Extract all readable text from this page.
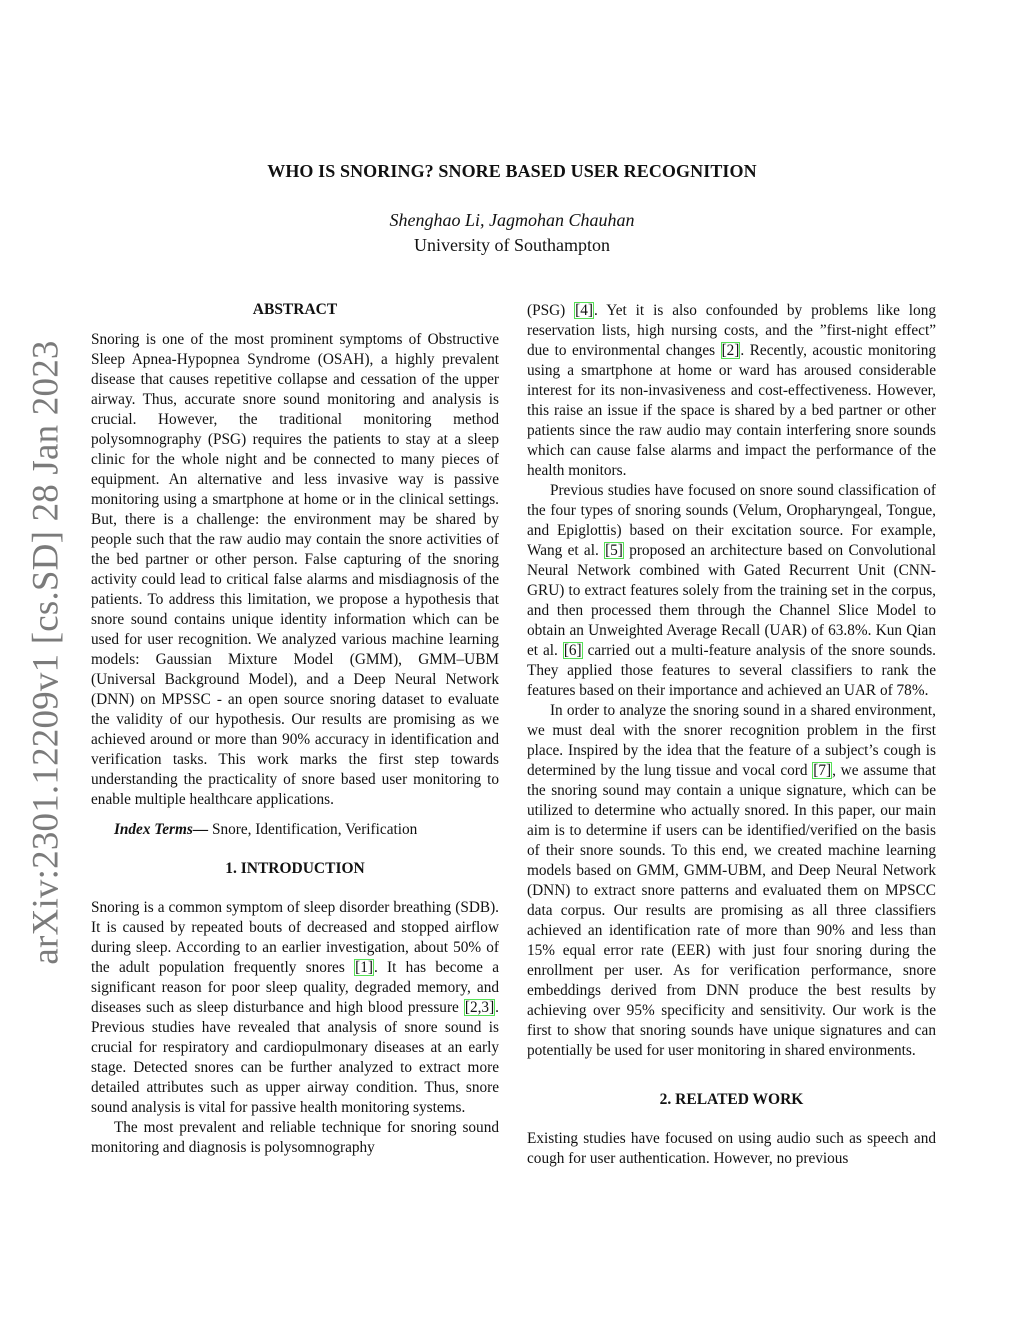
arXiv:2301.12209v1 [cs.SD] 28 Jan 2023
WHO IS SNORING? SNORE BASED USER RECOGNITION
Shenghao Li, Jagmohan Chauhan
University of Southampton
ABSTRACT

Snoring is one of the most prominent symptoms of Obstructive Sleep Apnea-Hypopnea Syndrome (OSAH), a highly prevalent disease that causes repetitive collapse and cessation of the upper airway. Thus, accurate snore sound monitoring and analysis is crucial. However, the traditional monitoring method polysomnography (PSG) requires the patients to stay at a sleep clinic for the whole night and be connected to many pieces of equipment. An alternative and less invasive way is passive monitoring using a smartphone at home or in the clinical settings. But, there is a challenge: the environment may be shared by people such that the raw audio may contain the snore activities of the bed partner or other person. False capturing of the snoring activity could lead to critical false alarms and misdiagnosis of the patients. To address this limitation, we propose a hypothesis that snore sound contains unique identity information which can be used for user recognition. We analyzed various machine learning models: Gaussian Mixture Model (GMM), GMM–UBM (Universal Background Model), and a Deep Neural Network (DNN) on MPSSC - an open source snoring dataset to evaluate the validity of our hypothesis. Our results are promising as we achieved around or more than 90% accuracy in identification and verification tasks. This work marks the first step towards understanding the practicality of snore based user monitoring to enable multiple healthcare applications.

Index Terms— Snore, Identification, Verification

1. INTRODUCTION

Snoring is a common symptom of sleep disorder breathing (SDB). It is caused by repeated bouts of decreased and stopped airflow during sleep. According to an earlier investigation, about 50% of the adult population frequently snores [1]. It has become a significant reason for poor sleep quality, degraded memory, and diseases such as sleep disturbance and high blood pressure [2,3]. Previous studies have revealed that analysis of snore sound is crucial for respiratory and cardiopulmonary diseases at an early stage. Detected snores can be further analyzed to extract more detailed attributes such as upper airway condition. Thus, snore sound analysis is vital for passive health monitoring systems.

The most prevalent and reliable technique for snoring sound monitoring and diagnosis is polysomnography

(PSG) [4]. Yet it is also confounded by problems like long reservation lists, high nursing costs, and the ”first-night effect” due to environmental changes [2]. Recently, acoustic monitoring using a smartphone at home or ward has aroused considerable interest for its non-invasiveness and cost-effectiveness. However, this raise an issue if the space is shared by a bed partner or other patients since the raw audio may contain interfering snore sounds which can cause false alarms and impact the performance of the health monitors.

Previous studies have focused on snore sound classification of the four types of snoring sounds (Velum, Oropharyngeal, Tongue, and Epiglottis) based on their excitation source. For example, Wang et al. [5] proposed an architecture based on Convolutional Neural Network combined with Gated Recurrent Unit (CNN-GRU) to extract features solely from the training set in the corpus, and then processed them through the Channel Slice Model to obtain an Unweighted Average Recall (UAR) of 63.8%. Kun Qian et al. [6] carried out a multi-feature analysis of the snore sounds. They applied those features to several classifiers to rank the features based on their importance and achieved an UAR of 78%.

In order to analyze the snoring sound in a shared environment, we must deal with the snorer recognition problem in the first place. Inspired by the idea that the feature of a subject’s cough is determined by the lung tissue and vocal cord [7], we assume that the snoring sound may contain a unique signature, which can be utilized to determine who actually snored. In this paper, our main aim is to determine if users can be identified/verified on the basis of their snore sounds. To this end, we created machine learning models based on GMM, GMM-UBM, and Deep Neural Network (DNN) to extract snore patterns and evaluated them on MPSCC data corpus. Our results are promising as all three classifiers achieved an identification rate of more than 90% and less than 15% equal error rate (EER) with just four snoring during the enrollment per user. As for verification performance, snore embeddings derived from DNN produce the best results by achieving over 95% specificity and sensitivity. Our work is the first to show that snoring sounds have unique signatures and can potentially be used for user monitoring in shared environments.

2. RELATED WORK

Existing studies have focused on using audio such as speech and cough for user authentication. However, no previous
